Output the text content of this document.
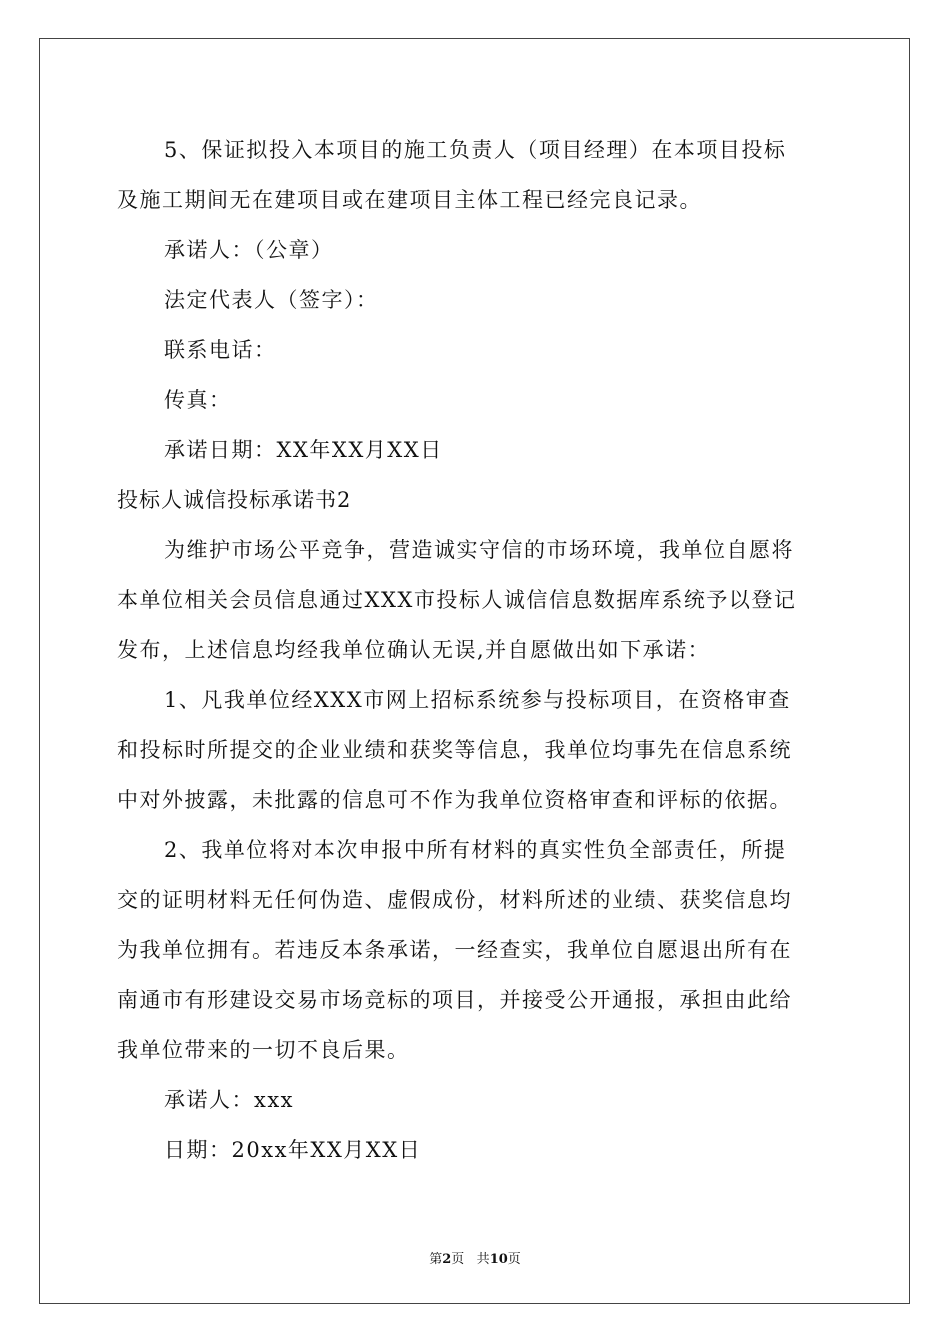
5、保证拟投入本项目的施工负责人（项目经理）在本项目投标

及施工期间无在建项目或在建项目主体工程已经完良记录。

承诺人：（公章）

法定代表人（签字）：

联系电话：

传真：

承诺日期：XX年XX月XX日

投标人诚信投标承诺书2

为维护市场公平竞争，营造诚实守信的市场环境，我单位自愿将

本单位相关会员信息通过XXX市投标人诚信信息数据库系统予以登记

发布，上述信息均经我单位确认无误,并自愿做出如下承诺：

1、凡我单位经XXX市网上招标系统参与投标项目，在资格审查

和投标时所提交的企业业绩和获奖等信息，我单位均事先在信息系统

中对外披露，未批露的信息可不作为我单位资格审查和评标的依据。

2、我单位将对本次申报中所有材料的真实性负全部责任，所提

交的证明材料无任何伪造、虚假成份，材料所述的业绩、获奖信息均

为我单位拥有。若违反本条承诺，一经查实，我单位自愿退出所有在

南通市有形建设交易市场竞标的项目，并接受公开通报，承担由此给

我单位带来的一切不良后果。

承诺人：xxx

日期：20xx年XX月XX日

第2页 共10页
